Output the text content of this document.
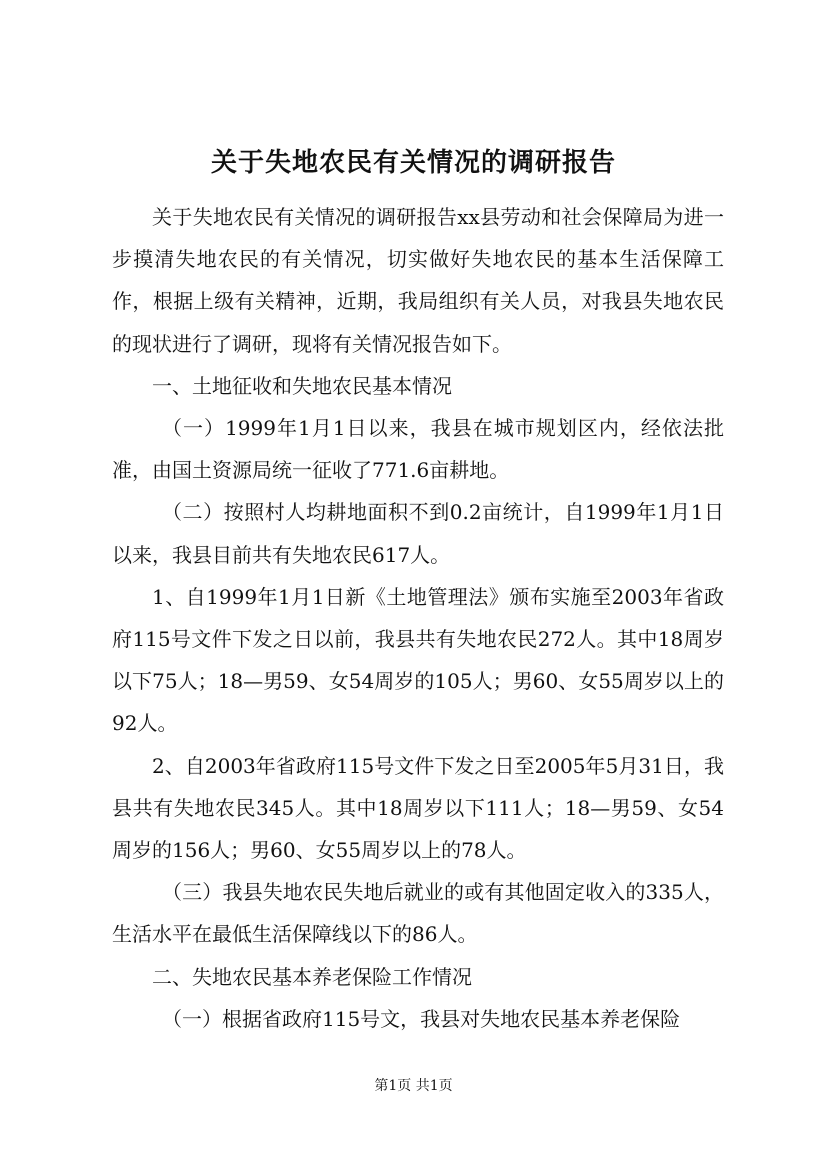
关于失地农民有关情况的调研报告

关于失地农民有关情况的调研报告xx县劳动和社会保障局为进一步摸清失地农民的有关情况，切实做好失地农民的基本生活保障工作，根据上级有关精神，近期，我局组织有关人员，对我县失地农民的现状进行了调研，现将有关情况报告如下。

一、土地征收和失地农民基本情况

（一）1999年1月1日以来，我县在城市规划区内，经依法批准，由国土资源局统一征收了771.6亩耕地。

（二）按照村人均耕地面积不到0.2亩统计，自1999年1月1日以来，我县目前共有失地农民617人。

1、自1999年1月1日新《土地管理法》颁布实施至2003年省政府115号文件下发之日以前，我县共有失地农民272人。其中18周岁以下75人；18—男59、女54周岁的105人；男60、女55周岁以上的92人。

2、自2003年省政府115号文件下发之日至2005年5月31日，我县共有失地农民345人。其中18周岁以下111人；18—男59、女54周岁的156人；男60、女55周岁以上的78人。

（三）我县失地农民失地后就业的或有其他固定收入的335人，生活水平在最低生活保障线以下的86人。

二、失地农民基本养老保险工作情况

（一）根据省政府115号文，我县对失地农民基本养老保险

第1页 共1页
